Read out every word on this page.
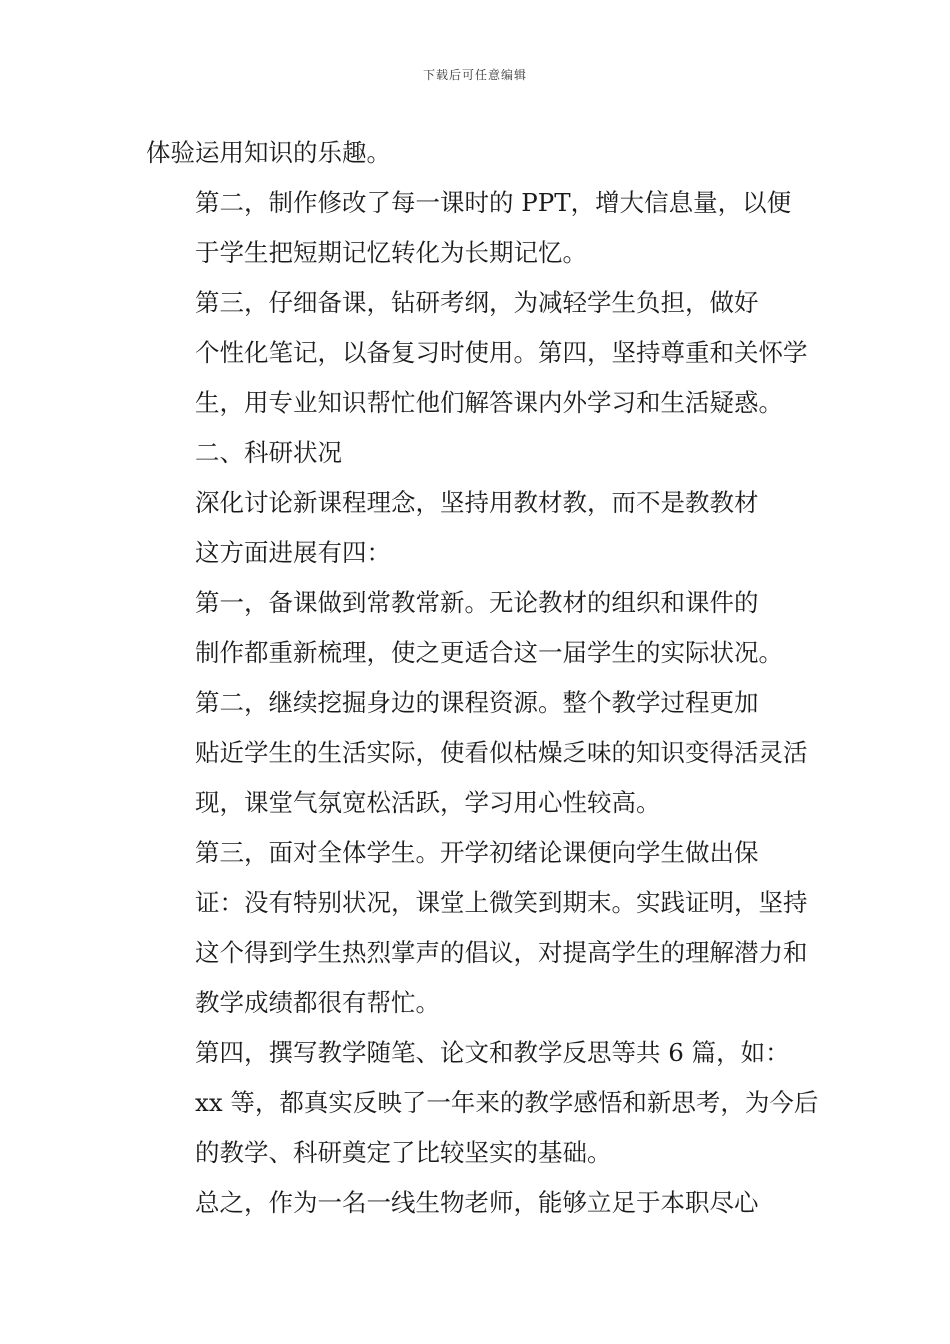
下载后可任意编辑

体验运用知识的乐趣。

第二，制作修改了每一课时的 PPT，增大信息量，以便
于学生把短期记忆转化为长期记忆。

第三，仔细备课，钻研考纲，为减轻学生负担，做好
个性化笔记，以备复习时使用。第四，坚持尊重和关怀学
生，用专业知识帮忙他们解答课内外学习和生活疑惑。

二、科研状况

深化讨论新课程理念，坚持用教材教，而不是教教材
这方面进展有四：

第一，备课做到常教常新。无论教材的组织和课件的
制作都重新梳理，使之更适合这一届学生的实际状况。

第二，继续挖掘身边的课程资源。整个教学过程更加
贴近学生的生活实际，使看似枯燥乏味的知识变得活灵活
现，课堂气氛宽松活跃，学习用心性较高。

第三，面对全体学生。开学初绪论课便向学生做出保
证：没有特别状况，课堂上微笑到期末。实践证明，坚持
这个得到学生热烈掌声的倡议，对提高学生的理解潜力和
教学成绩都很有帮忙。

第四，撰写教学随笔、论文和教学反思等共 6 篇，如：
xx 等，都真实反映了一年来的教学感悟和新思考，为今后
的教学、科研奠定了比较坚实的基础。

总之，作为一名一线生物老师，能够立足于本职尽心
